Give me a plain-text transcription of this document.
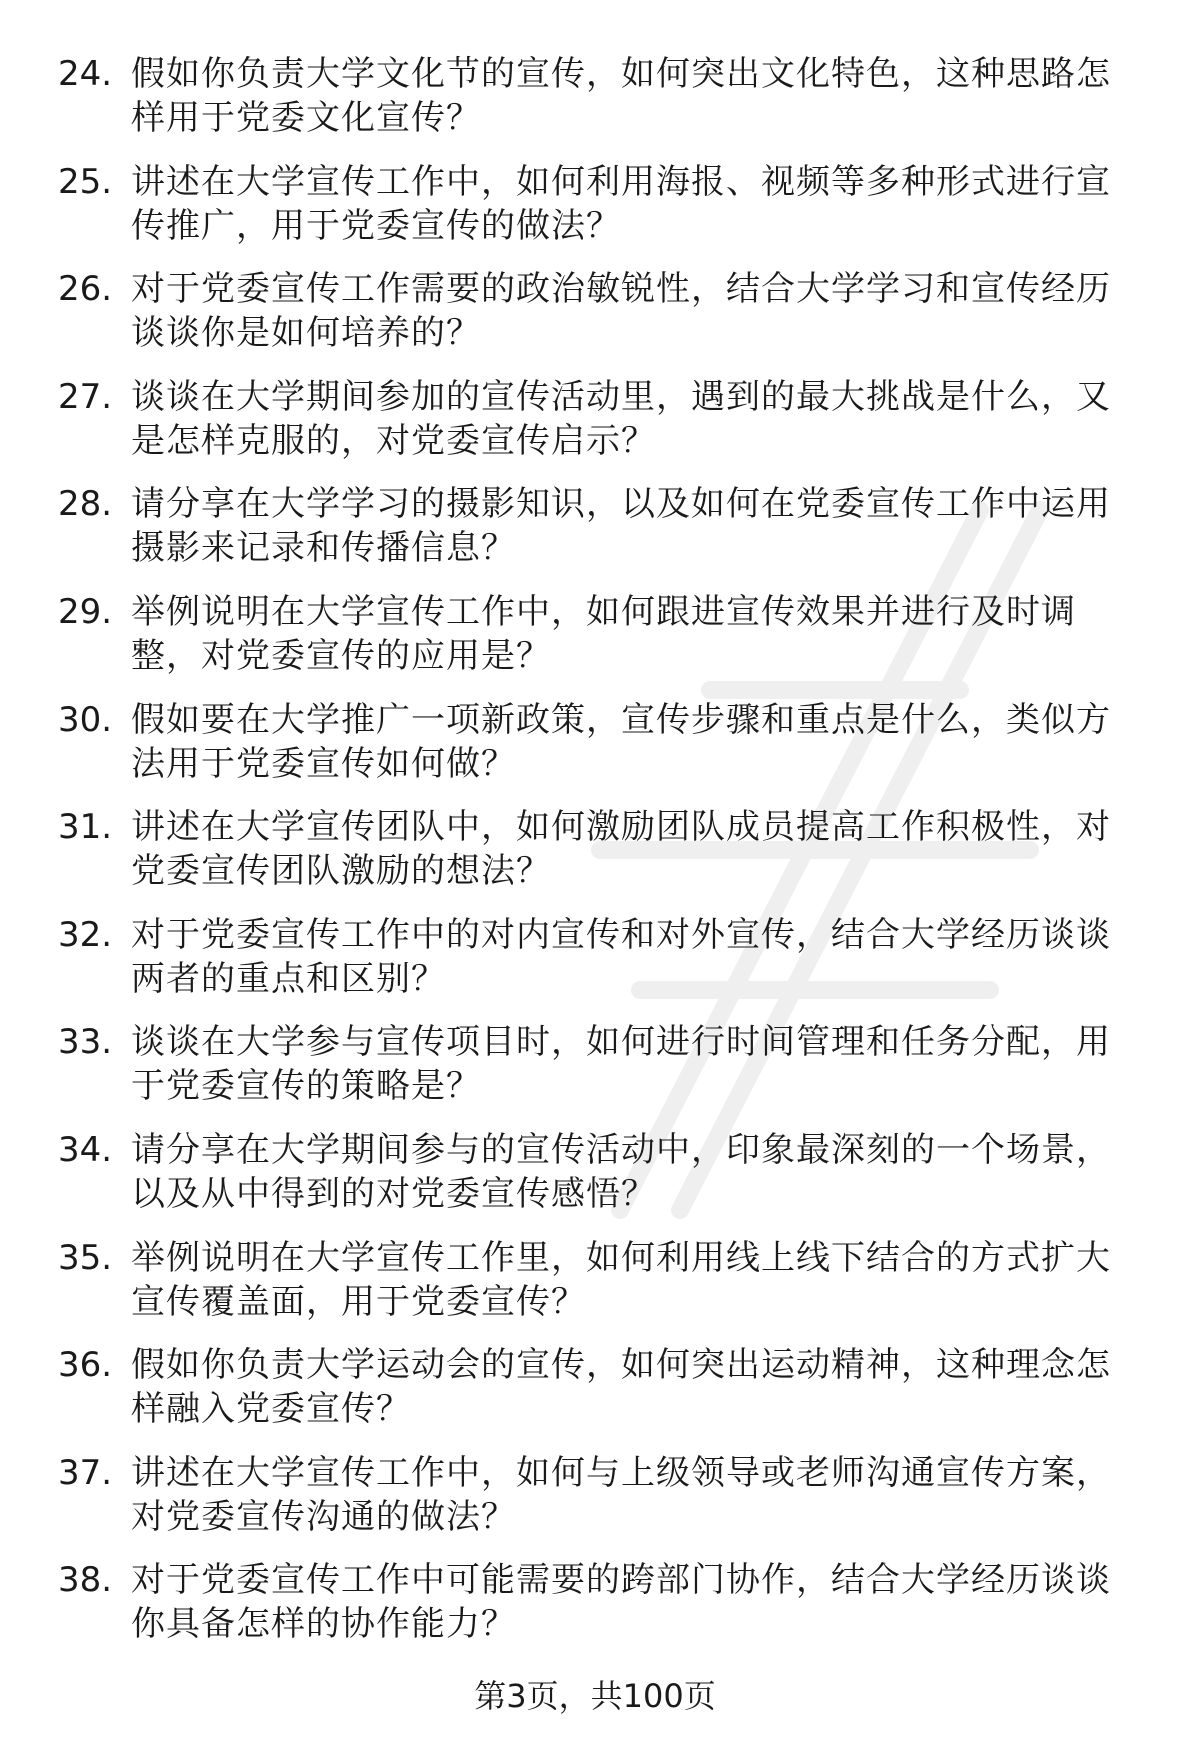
24. 假如你负责大学文化节的宣传，如何突出文化特色，这种思路怎样用于党委文化宣传？
25. 讲述在大学宣传工作中，如何利用海报、视频等多种形式进行宣传推广，用于党委宣传的做法？
26. 对于党委宣传工作需要的政治敏锐性，结合大学学习和宣传经历谈谈你是如何培养的？
27. 谈谈在大学期间参加的宣传活动里，遇到的最大挑战是什么，又是怎样克服的，对党委宣传启示？
28. 请分享在大学学习的摄影知识，以及如何在党委宣传工作中运用摄影来记录和传播信息？
29. 举例说明在大学宣传工作中，如何跟进宣传效果并进行及时调整，对党委宣传的应用是？
30. 假如要在大学推广一项新政策，宣传步骤和重点是什么，类似方法用于党委宣传如何做？
31. 讲述在大学宣传团队中，如何激励团队成员提高工作积极性，对党委宣传团队激励的想法？
32. 对于党委宣传工作中的对内宣传和对外宣传，结合大学经历谈谈两者的重点和区别？
33. 谈谈在大学参与宣传项目时，如何进行时间管理和任务分配，用于党委宣传的策略是？
34. 请分享在大学期间参与的宣传活动中，印象最深刻的一个场景，以及从中得到的对党委宣传感悟？
35. 举例说明在大学宣传工作里，如何利用线上线下结合的方式扩大宣传覆盖面，用于党委宣传？
36. 假如你负责大学运动会的宣传，如何突出运动精神，这种理念怎样融入党委宣传？
37. 讲述在大学宣传工作中，如何与上级领导或老师沟通宣传方案，对党委宣传沟通的做法？
38. 对于党委宣传工作中可能需要的跨部门协作，结合大学经历谈谈你具备怎样的协作能力？
第3页，共100页
